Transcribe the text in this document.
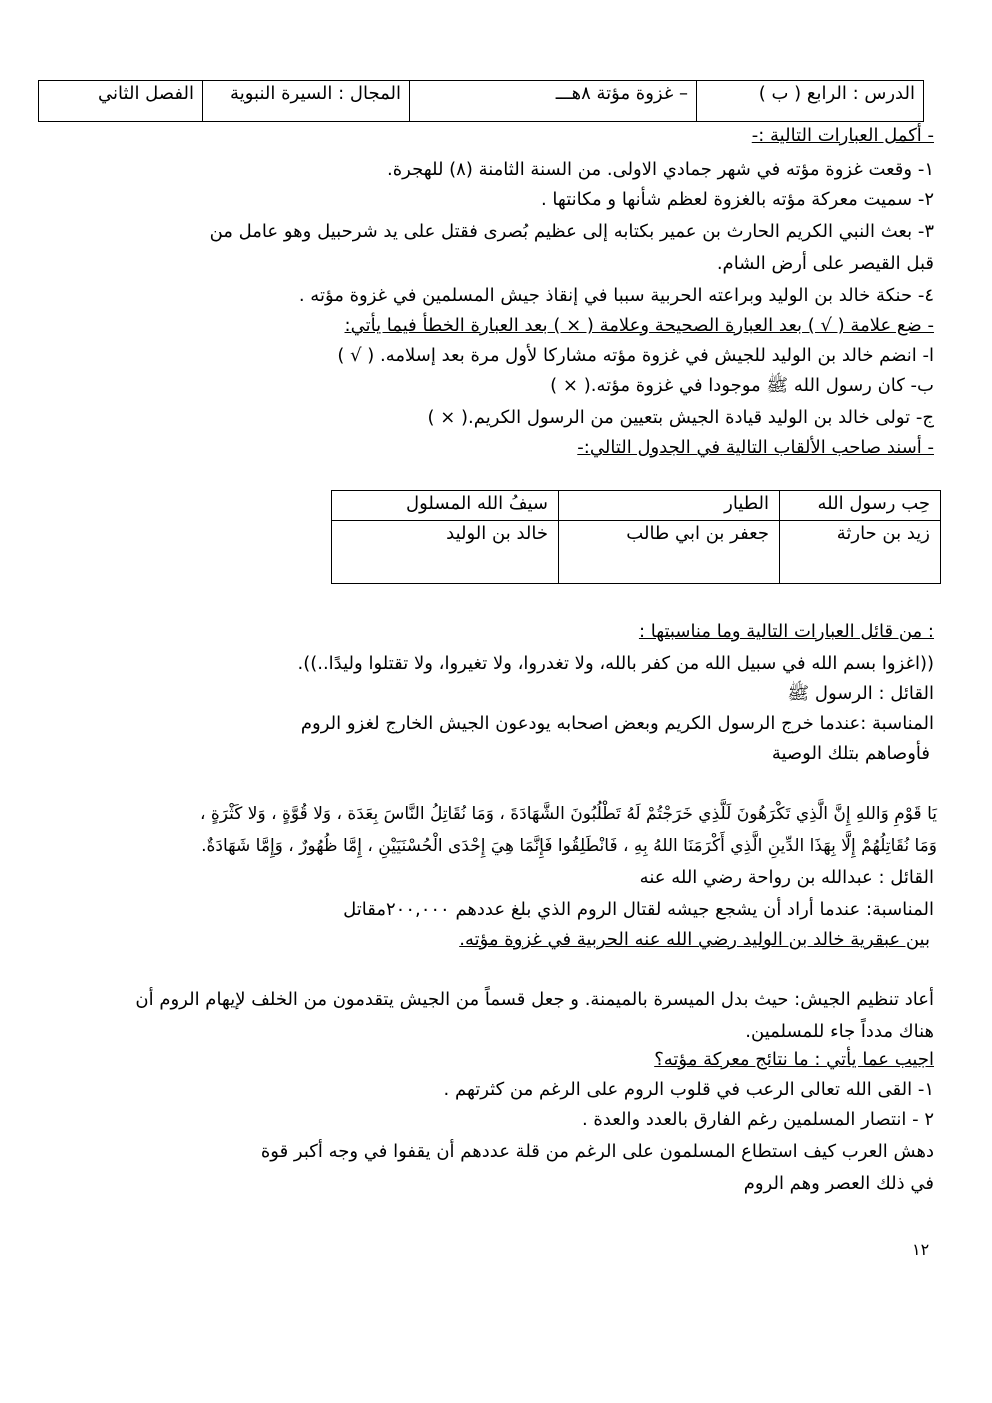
الدرس : الرابع ( ب )	– غزوة مؤتة ٨هـــ	المجال : السيرة النبوية	الفصل الثاني
- أكمل العبارات التالية :-
١- وقعت غزوة مؤته في شهر جمادي الاولى. من السنة الثامنة (٨) للهجرة.
٢- سميت معركة مؤته بالغزوة لعظم شأنها و مكانتها .
٣- بعث النبي الكريم الحارث بن عمير بكتابه إلى عظيم بُصرى فقتل على يد شرحبيل وهو عامل من
قبل القيصر على أرض الشام.
٤- حنكة خالد بن الوليد وبراعته الحربية سببا في إنقاذ جيش المسلمين في غزوة مؤته .
- ضع علامة ( √ ) بعد العبارة الصحيحة وعلامة ( × ) بعد العبارة الخطأ فيما يأتي:
ا- انضم خالد بن الوليد للجيش في غزوة مؤته مشاركا لأول مرة بعد إسلامه. ( √ )
ب- كان رسول الله ﷺ موجودا في غزوة مؤته.( × )
ج- تولى خالد بن الوليد قيادة الجيش بتعيين من الرسول الكريم.( × )
- أسند صاحب الألقاب التالية في الجدول التالي:-
حِب رسول الله	الطيار	سيفُ الله المسلول
زيد بن حارثة	جعفر بن ابي طالب	خالد بن الوليد
: من قائل العبارات التالية وما مناسبتها :
((اغزوا بسم الله في سبيل الله من كفر بالله، ولا تغدروا، ولا تغيروا، ولا تقتلوا وليدًا..)).
القائل : الرسول ﷺ
المناسبة :عندما خرج الرسول الكريم وبعض اصحابه يودعون الجيش الخارج لغزو الروم
فأوصاهم بتلك الوصية
يَا قَوْمِ وَاللهِ إِنَّ الَّذِي تَكْرَهُونَ لَلَّذِي خَرَجْتُمْ لَهُ تَطْلُبُونَ الشَّهَادَةَ ، وَمَا نُقَاتِلُ النَّاسَ بِعَدَة ، وَلا قُوَّةٍ ، وَلا كَثْرَةٍ ،
وَمَا نُقَاتِلُهُمْ إِلَّا بِهَذَا الدِّينِ الَّذِي أَكْرَمَنَا اللهُ بِهِ ، فَانْطَلِقُوا فَإِنَّمَا هِيَ إِحْدَى الْحُسْنَيَيْنِ ، إِمَّا ظُهُورٌ ، وَإِمَّا شَهَادَةٌ.
القائل : عبدالله بن رواحة رضي الله عنه
المناسبة: عندما أراد أن يشجع جيشه لقتال الروم الذي بلغ عددهم ٢٠٠,٠٠٠مقاتل
بين عبقرية خالد بن الوليد رضي الله عنه الحربية في غزوة مؤته.
أعاد تنظيم الجيش: حيث بدل الميسرة بالميمنة. و جعل قسماً من الجيش يتقدمون من الخلف لإيهام الروم أن
هناك مدداً جاء للمسلمين.
اجيب عما يأتي : ما نتائج معركة مؤته؟
١- القى الله تعالى الرعب في قلوب الروم على الرغم من كثرتهم .
٢ - انتصار المسلمين رغم الفارق بالعدد والعدة .
دهش العرب كيف استطاع المسلمون على الرغم من قلة عددهم أن يقفوا في وجه أكبر قوة
في ذلك العصر وهم الروم
١٢
